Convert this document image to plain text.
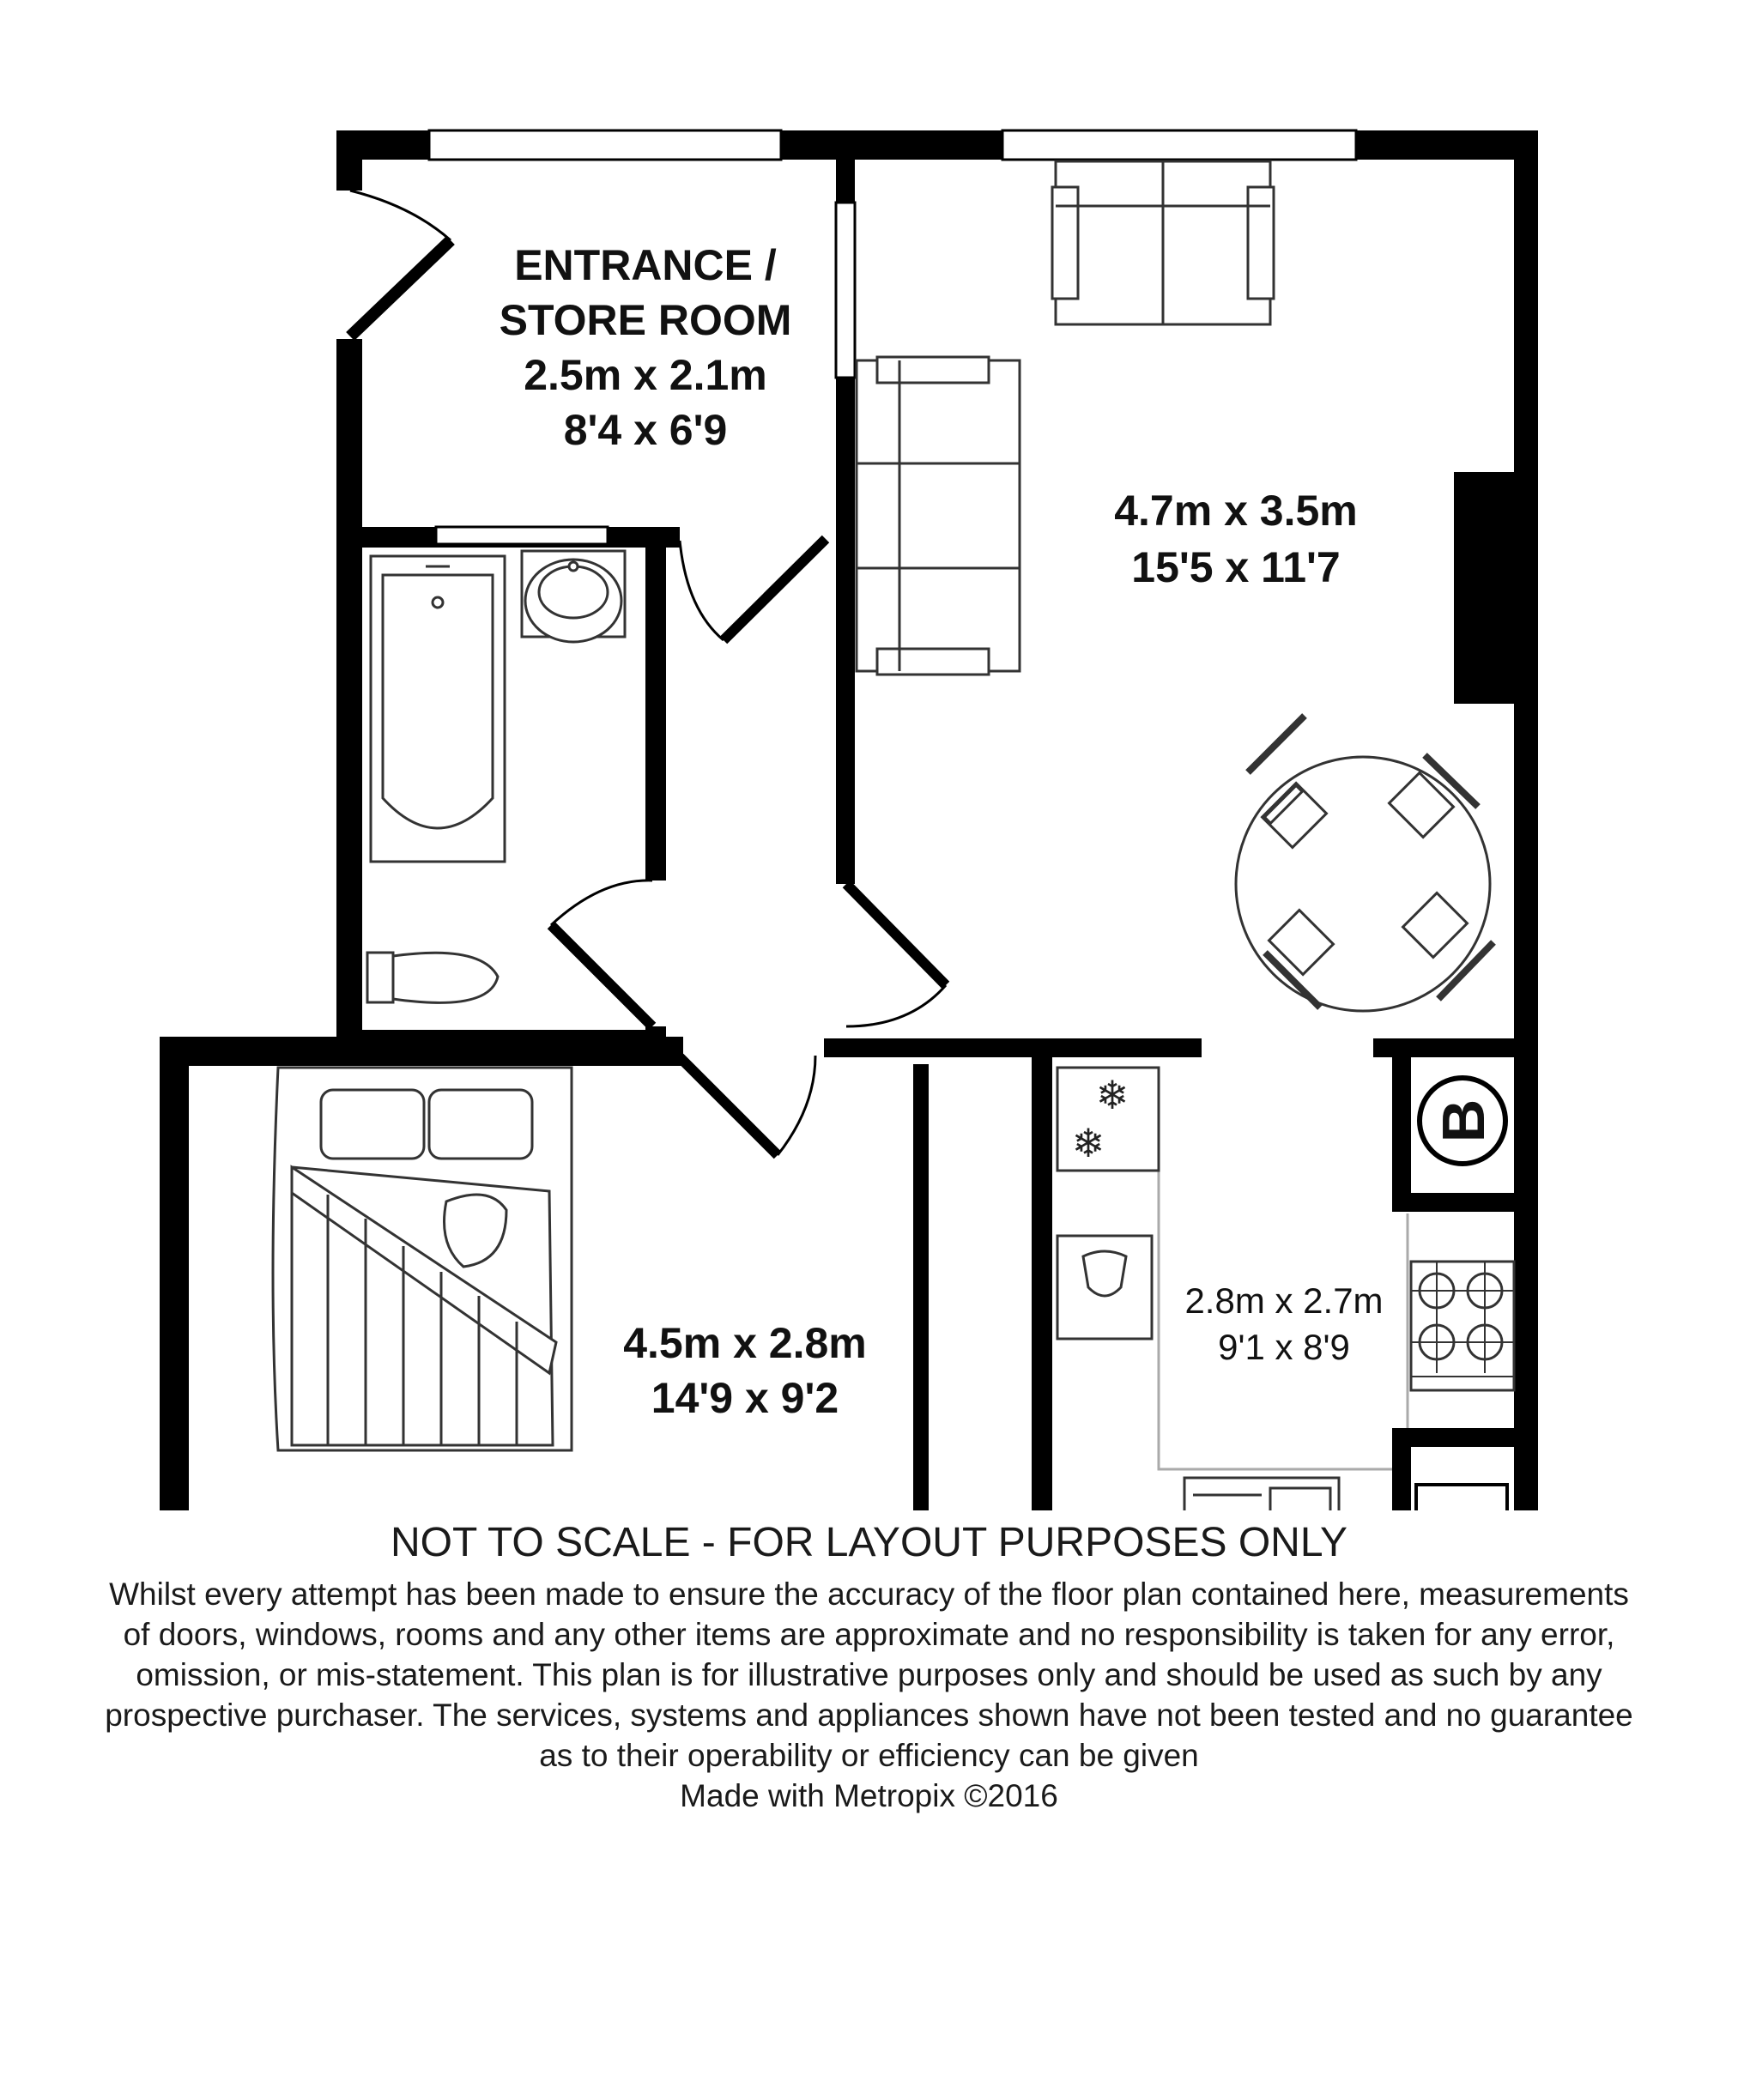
❄
❄
B
ENTRANCE /
STORE ROOM
2.5m x 2.1m
8'4 x 6'9
4.7m x 3.5m
15'5 x 11'7
4.5m x 2.8m
14'9 x 9'2
2.8m x 2.7m
9'1 x 8'9
NOT TO SCALE - FOR LAYOUT PURPOSES ONLY
Whilst every attempt has been made to ensure the accuracy of the floor plan contained here, measurements
of doors, windows, rooms and any other items are approximate and no responsibility is taken for any error,
omission, or mis-statement. This plan is for illustrative purposes only and should be used as such by any
prospective purchaser. The services, systems and appliances shown have not been tested and no guarantee
as to their operability or efficiency can be given
Made with Metropix ©2016
